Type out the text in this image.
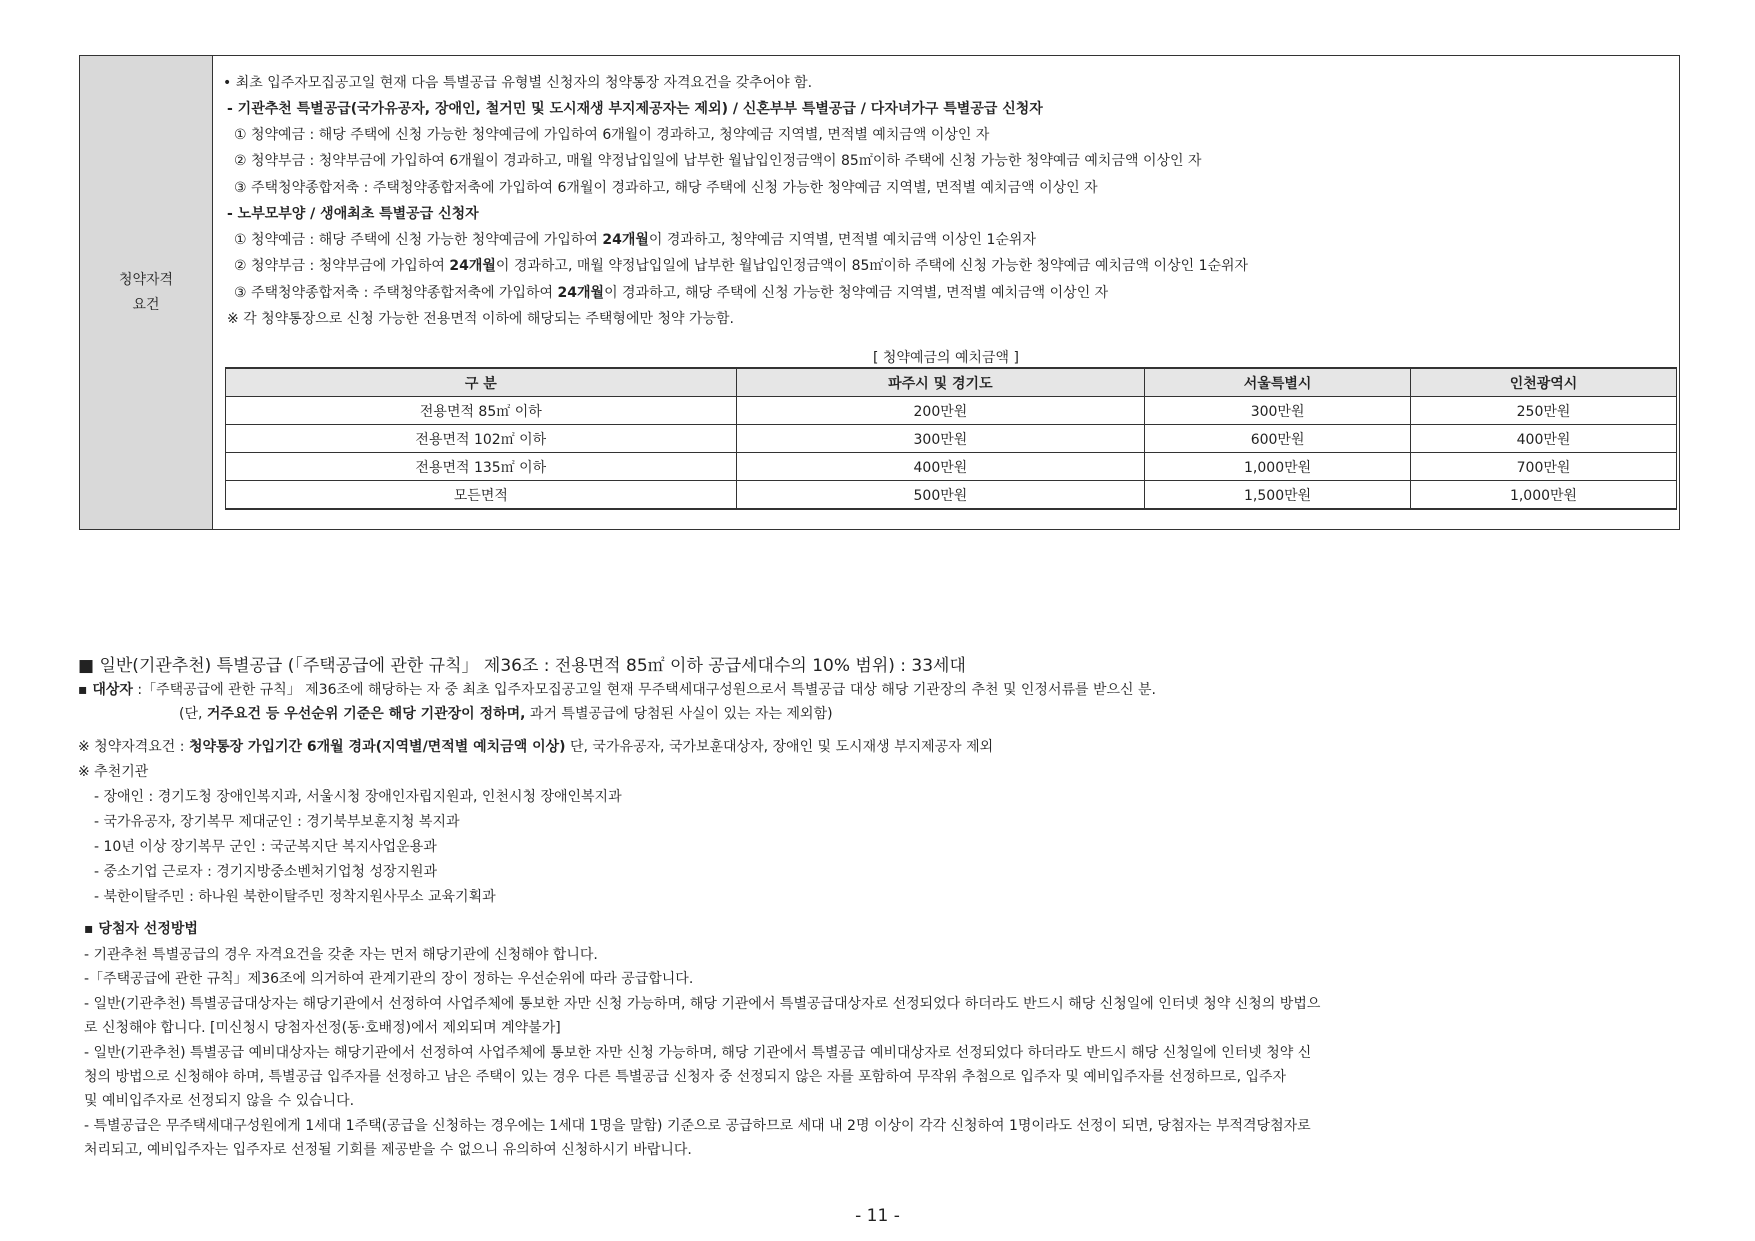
청약자격
요건
• 최초 입주자모집공고일 현재 다음 특별공급 유형별 신청자의 청약통장 자격요건을 갖추어야 함.
- 기관추천 특별공급(국가유공자, 장애인, 철거민 및 도시재생 부지제공자는 제외) / 신혼부부 특별공급 / 다자녀가구 특별공급 신청자
① 청약예금 : 해당 주택에 신청 가능한 청약예금에 가입하여 6개월이 경과하고, 청약예금 지역별, 면적별 예치금액 이상인 자
② 청약부금 : 청약부금에 가입하여 6개월이 경과하고, 매월 약정납입일에 납부한 월납입인정금액이 85㎡이하 주택에 신청 가능한 청약예금 예치금액 이상인 자
③ 주택청약종합저축 : 주택청약종합저축에 가입하여 6개월이 경과하고, 해당 주택에 신청 가능한 청약예금 지역별, 면적별 예치금액 이상인 자
- 노부모부양 / 생애최초 특별공급 신청자
① 청약예금 : 해당 주택에 신청 가능한 청약예금에 가입하여 24개월이 경과하고, 청약예금 지역별, 면적별 예치금액 이상인 1순위자
② 청약부금 : 청약부금에 가입하여 24개월이 경과하고, 매월 약정납입일에 납부한 월납입인정금액이 85㎡이하 주택에 신청 가능한 청약예금 예치금액 이상인 1순위자
③ 주택청약종합저축 : 주택청약종합저축에 가입하여 24개월이 경과하고, 해당 주택에 신청 가능한 청약예금 지역별, 면적별 예치금액 이상인 자
※ 각 청약통장으로 신청 가능한 전용면적 이하에 해당되는 주택형에만 청약 가능함.
[ 청약예금의 예치금액 ]
구 분	파주시 및 경기도	서울특별시	인천광역시
전용면적 85㎡ 이하	200만원	300만원	250만원
전용면적 102㎡ 이하	300만원	600만원	400만원
전용면적 135㎡ 이하	400만원	1,000만원	700만원
모든면적	500만원	1,500만원	1,000만원
■ 일반(기관추천) 특별공급 (「주택공급에 관한 규칙」 제36조 : 전용면적 85㎡ 이하 공급세대수의 10% 범위) : 33세대
▪ 대상자 :「주택공급에 관한 규칙」 제36조에 해당하는 자 중 최초 입주자모집공고일 현재 무주택세대구성원으로서 특별공급 대상 해당 기관장의 추천 및 인정서류를 받으신 분.
(단, 거주요건 등 우선순위 기준은 해당 기관장이 정하며, 과거 특별공급에 당첨된 사실이 있는 자는 제외함)
※ 청약자격요건 : 청약통장 가입기간 6개월 경과(지역별/면적별 예치금액 이상) 단, 국가유공자, 국가보훈대상자, 장애인 및 도시재생 부지제공자 제외
※ 추천기관
- 장애인 : 경기도청 장애인복지과, 서울시청 장애인자립지원과, 인천시청 장애인복지과
- 국가유공자, 장기복무 제대군인 : 경기북부보훈지청 복지과
- 10년 이상 장기복무 군인 : 국군복지단 복지사업운용과
- 중소기업 근로자 : 경기지방중소벤처기업청 성장지원과
- 북한이탈주민 : 하나원 북한이탈주민 정착지원사무소 교육기획과
▪ 당첨자 선정방법
- 기관추천 특별공급의 경우 자격요건을 갖춘 자는 먼저 해당기관에 신청해야 합니다.
-「주택공급에 관한 규칙」제36조에 의거하여 관계기관의 장이 정하는 우선순위에 따라 공급합니다.
- 일반(기관추천) 특별공급대상자는 해당기관에서 선정하여 사업주체에 통보한 자만 신청 가능하며, 해당 기관에서 특별공급대상자로 선정되었다 하더라도 반드시 해당 신청일에 인터넷 청약 신청의 방법으
로 신청해야 합니다. [미신청시 당첨자선정(동·호배정)에서 제외되며 계약불가]
- 일반(기관추천) 특별공급 예비대상자는 해당기관에서 선정하여 사업주체에 통보한 자만 신청 가능하며, 해당 기관에서 특별공급 예비대상자로 선정되었다 하더라도 반드시 해당 신청일에 인터넷 청약 신
청의 방법으로 신청해야 하며, 특별공급 입주자를 선정하고 남은 주택이 있는 경우 다른 특별공급 신청자 중 선정되지 않은 자를 포함하여 무작위 추첨으로 입주자 및 예비입주자를 선정하므로, 입주자
및 예비입주자로 선정되지 않을 수 있습니다.
- 특별공급은 무주택세대구성원에게 1세대 1주택(공급을 신청하는 경우에는 1세대 1명을 말함) 기준으로 공급하므로 세대 내 2명 이상이 각각 신청하여 1명이라도 선정이 되면, 당첨자는 부적격당첨자로
처리되고, 예비입주자는 입주자로 선정될 기회를 제공받을 수 없으니 유의하여 신청하시기 바랍니다.
- 11 -
